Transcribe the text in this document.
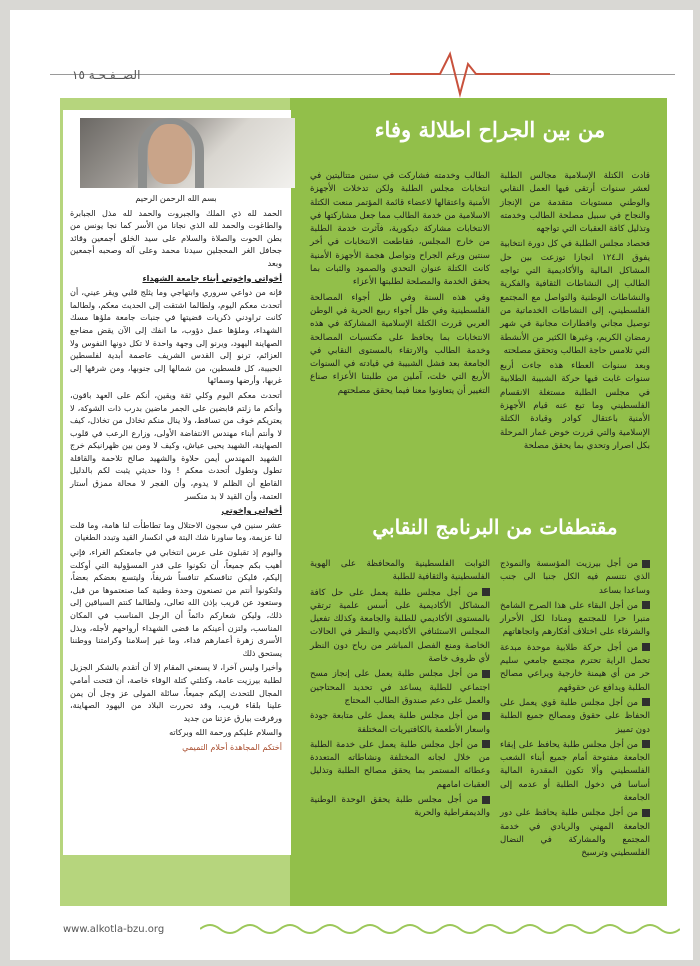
الصــفـحـة ١٥
من بين الجراح اطلالة وفاء

قادت الكتلة الإسلامية مجالس الطلبة لعشر سنوات أرتقى فيها العمل النقابي والوطني مستويات متقدمة من الإنجاز والنجاح في سبيل مصلحة الطالب وخدمته وتذليل كافة العقبات التي تواجهه

فحصاد مجلس الطلبة في كل دورة انتخابية يفوق الـ١٢٤ انجازا توزعت بين حل المشاكل المالية والأكاديمية التي تواجه الطالب إلى النشاطات الثقافية والفكرية والنشاطات الوطنية والتواصل مع المجتمع الفلسطيني، إلى النشاطات الخدماتية من توصيل مجاني وافطارات مجانية في شهر رمضان الكريم، وغيرها الكثير من الأنشطة التي تلامس حاجة الطالب وتحقق مصلحته

وبعد سنوات العطاء هذه جاءت أربع سنوات غابت فيها حركة الشبيبة الطلابية في مجلس الطلبة مستغلة الانقسام الفلسطيني وما تبع عنه قيام الأجهزة الأمنية باعتقال كوادر وقيادة الكتلة الإسلامية والتي قررت خوض غمار المرحلة بكل اصرار وتحدي بما يحقق مصلحة

الطالب وخدمته فشاركت في ستين متتاليتين في انتخابات مجلس الطلبة ولكن تدخلات الأجهزة الأمنية واعتقالها لاعضاء قائمة المؤتمر منعت الكتلة الاسلامية من خدمة الطالب مما جعل مشاركتها في الانتخابات مشاركة ديكورية، فآثرت خدمة الطلبة من خارج المجلس، فقاطعت الانتخابات في أخر سنتين ورغم الجراح وتواصل هجمة الأجهزة الأمنية كانت الكتلة عنوان التحدي والصمود والثبات بما يحقق الخدمة والمصلحة لطلبتها الأعزاء

وفي هذه السنة وفي ظل أجواء المصالحة الفلسطينية وفي ظل أجواء ربيع الحرية في الوطن العربي قررت الكتلة الإسلامية المشاركة في هذه الانتخابات بما يحافظ على مكتسبات المصالحة وخدمة الطالب والارتقاء بالمستوى النقابي في الجامعة بعد فشل الشبيبة في قيادته في السنوات الأربع التي خلت، آملين من طلبتنا الأعزاء صناع التغيير أن يتعاونوا معنا فيما يحقق مصلحتهم

مقتطفات من البرنامج النقابي

من أجل بيرزيت المؤسسة والنموذج الذي نتنسم فيه الكل جنبا الى جنب وساعدا بساعد

من أجل البقاء على هذا الصرح الشامخ منبرا حرا للمجتمع ومنادا لكل الأحرار والشرفاء على اختلاف أفكارهم واتجاهاتهم

من أجل حركة طلابية موحدة مبدعة تحمل الراية تحترم مجتمع جامعي سليم حر من أي هيمنة خارجية ويراعي مصالح الطلبة ويدافع عن حقوقهم

من أجل مجلس طلبة قوي يعمل على الحفاظ على حقوق ومصالح جميع الطلبة دون تمييز

من أجل مجلس طلبة يحافظ على إبقاء الجامعة مفتوحة أمام جميع أبناء الشعب الفلسطيني وألا تكون المقدرة المالية أساسا في دخول الطلبة أو عدمه إلى الجامعة

من أجل مجلس طلبة يحافظ على دور الجامعة المهني والريادي في خدمة المجتمع والمشاركة في النضال الفلسطيني وترسيخ

الثوابت الفلسطينية والمحافظة على الهوية الفلسطينية والثقافية للطلبة

من أجل مجلس طلبة يعمل على حل كافة المشاكل الأكاديمية على أسس علمية ترتقي بالمستوى الأكاديمي للطلبة والجامعة وكذلك تفعيل المجلس الاستئنافي الأكاديمي والنظر في الحالات الخاصة ومنع الفصل المباشر من رياح دون النظر لأي ظروف خاصة

من أجل مجلس طلبة يعمل على إنجاز مسح اجتماعي للطلبة يساعد في تحديد المحتاجين والعمل على دعم صندوق الطالب المحتاج

من أجل مجلس طلبة يعمل على متابعة جودة واسعار الأطعمة بالكافتيريات المختلفة

من أجل مجلس طلبة يعمل على خدمة الطلبة من خلال لجانه المختلفة ونشاطاته المتعددة وعطائه المستمر بما يحقق مصالح الطلبة وتذليل العقبات امامهم

من أجل مجلس طلبة يحقق الوحدة الوطنية والديمقراطية والحرية

بسم الله الرحمن الرحيم

الحمد لله ذي الملك والجبروت والحمد لله مذل الجبابرة والطاغوت والحمد لله الذي نجانا من الأسر كما نجا يونس من بطن الحوت والصلاة والسلام على سيد الخلق أجمعين وقائد جحافل الغر المحجلين سيدنا محمد وعلى آله وصحبه أجمعين وبعد

أخواتي وإخوتي أبناء جامعة الشهداء

فإنه من دواعي سروري وابتهاجي وما يثلج قلبي ويقر عيني، أن أتحدث معكم اليوم، ولطالما اشتقت إلى الحديث معكم، ولطالما كانت تراودني ذكريات قضيتها في جنبات جامعة ملؤها مسك الشهداء، وملؤها عمل دؤوب، ما انفك إلى الآن يقض مضاجع الصهاينة اليهود، ويرنو إلى وجهة واحدة لا تكل دونها النفوس ولا العزائم، ترنو إلى القدس الشريف عاصمة أبدية لفلسطين الحبيبة، كل فلسطين، من شمالها إلى جنوبها، ومن شرقها إلى غربها، وأرضها وسمائها

أتحدث معكم اليوم وكلي ثقة ويقين، أنكم على العهد باقون، وأنكم ما زلتم قابضين على الجمر ماضين بدرب ذات الشوكة، لا يعتريكم خوف من تساقط، ولا ينال منكم تخاذل من تخاذل، كيف لا وأنتم أبناء مهندس الانتفاضة الأولى، وزارع الرعب في قلوب الصهاينة، الشهيد يحيى عياش، وكيف لا ومن بين ظهرانيكم خرج الشهيد المهندس أيمن حلاوة والشهيد صالح تلاحمة والقافلة تطول وتطول أتحدث معكم ! وذا حديثي يثبت لكم بالدليل القاطع أن الظلم لا يدوم، وأن الفجر لا محالة ممزق أستار العتمة، وأن القيد لا بد منكسر

أخواتي وإخوتي

عشر سنين في سجون الاحتلال وما تطاطأت لنا هامة، وما قلت لنا عزيمة، وما ساورنا شك البتة في انكسار القيد وتبدد الطغيان

واليوم إذ تقبلون على عرس انتخابي في جامعتكم الغراء، فإني أهيب بكم جميعاً، أن تكونوا على قدر المسؤولية التي أوكلت إليكم، فليكن تنافسكم تنافساً شريفاً، وليتسع بعضكم بعضاً، ولتكونوا أنتم من تصنعون وحدة وطنية كما صنعتموها من قبل، وستعود عن قريب بإذن الله تعالى، ولطالما كنتم السباقين إلى ذلك، وليكن شعاركم دائماً أن الرجل المناسب في المكان المناسب، ولتزن أعينكم ما قضى الشهداء أرواحهم لأجله، وبذل الأسرى زهرة أعمارهم فداء، وما غير إسلامنا وكرامتنا ووطننا يستحق ذلك

وأخيرا وليس آخرا، لا يسعني المقام إلا أن أتقدم بالشكر الجزيل لطلبة بيرزيت عامة، وكتلتي كتلة الوفاء خاصة، أن فتحت أمامي المجال للتحدث إليكم جميعاً، سائلة المولى عز وجل أن يمن علينا بلقاء قريب، وقد تحررت البلاد من اليهود الصهاينة، ورفرفت بيارق عزتنا من جديد

والسلام عليكم ورحمة الله وبركاته

أختكم المجاهدة أحلام التميمي

www.alkotla-bzu.org
